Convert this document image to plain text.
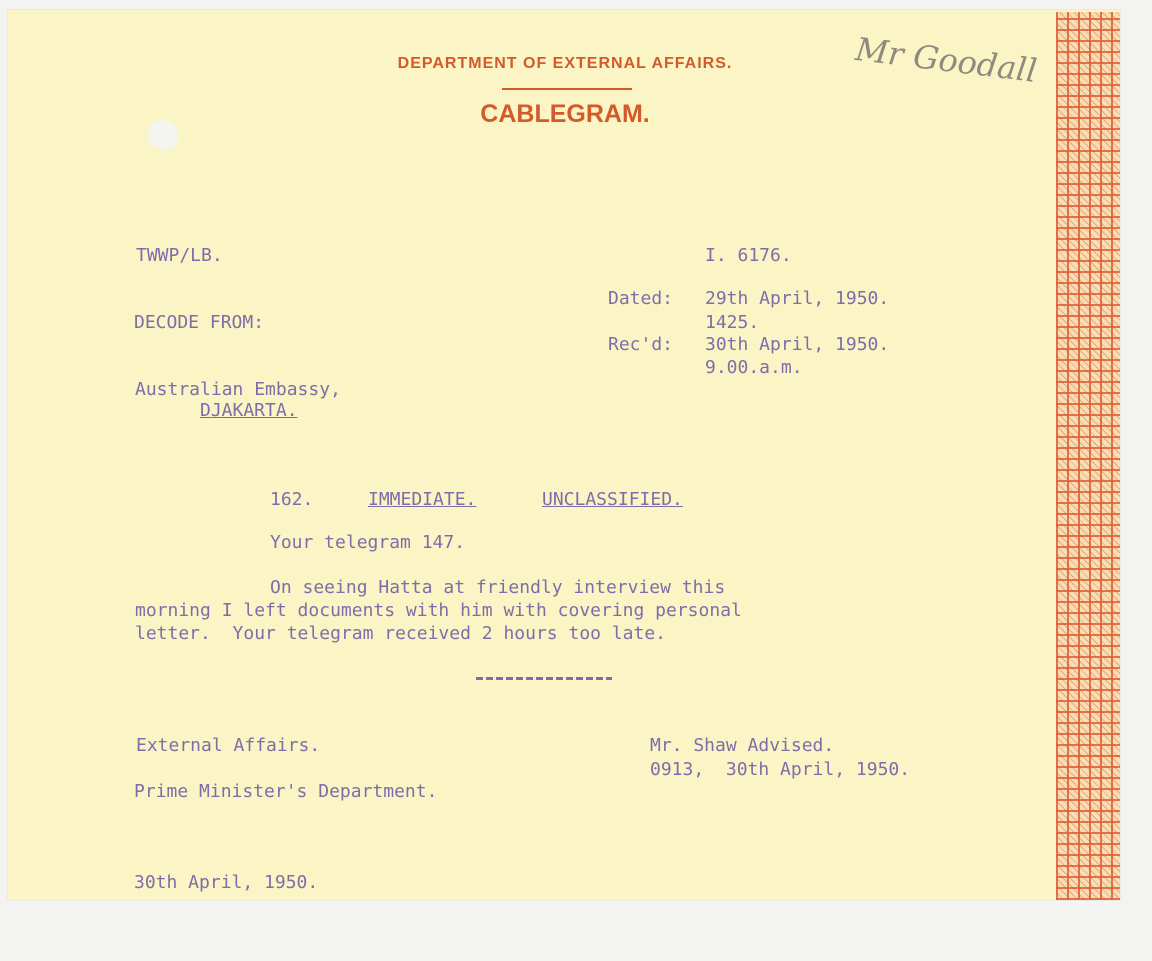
DEPARTMENT OF EXTERNAL AFFAIRS.
CABLEGRAM.
Mr Goodall
TWWP/LB.	I. 6176.
Dated: 29th April, 1950.
1425.
Rec'd: 30th April, 1950.
9.00.a.m.
DECODE FROM:
Australian Embassy,
DJAKARTA.
162.	IMMEDIATE.	UNCLASSIFIED.
Your telegram 147.
On seeing Hatta at friendly interview this
morning I left documents with him with covering personal
letter.  Your telegram received 2 hours too late.
External Affairs.
Prime Minister's Department.
Mr. Shaw Advised.
0913,  30th April, 1950.
30th April, 1950.
